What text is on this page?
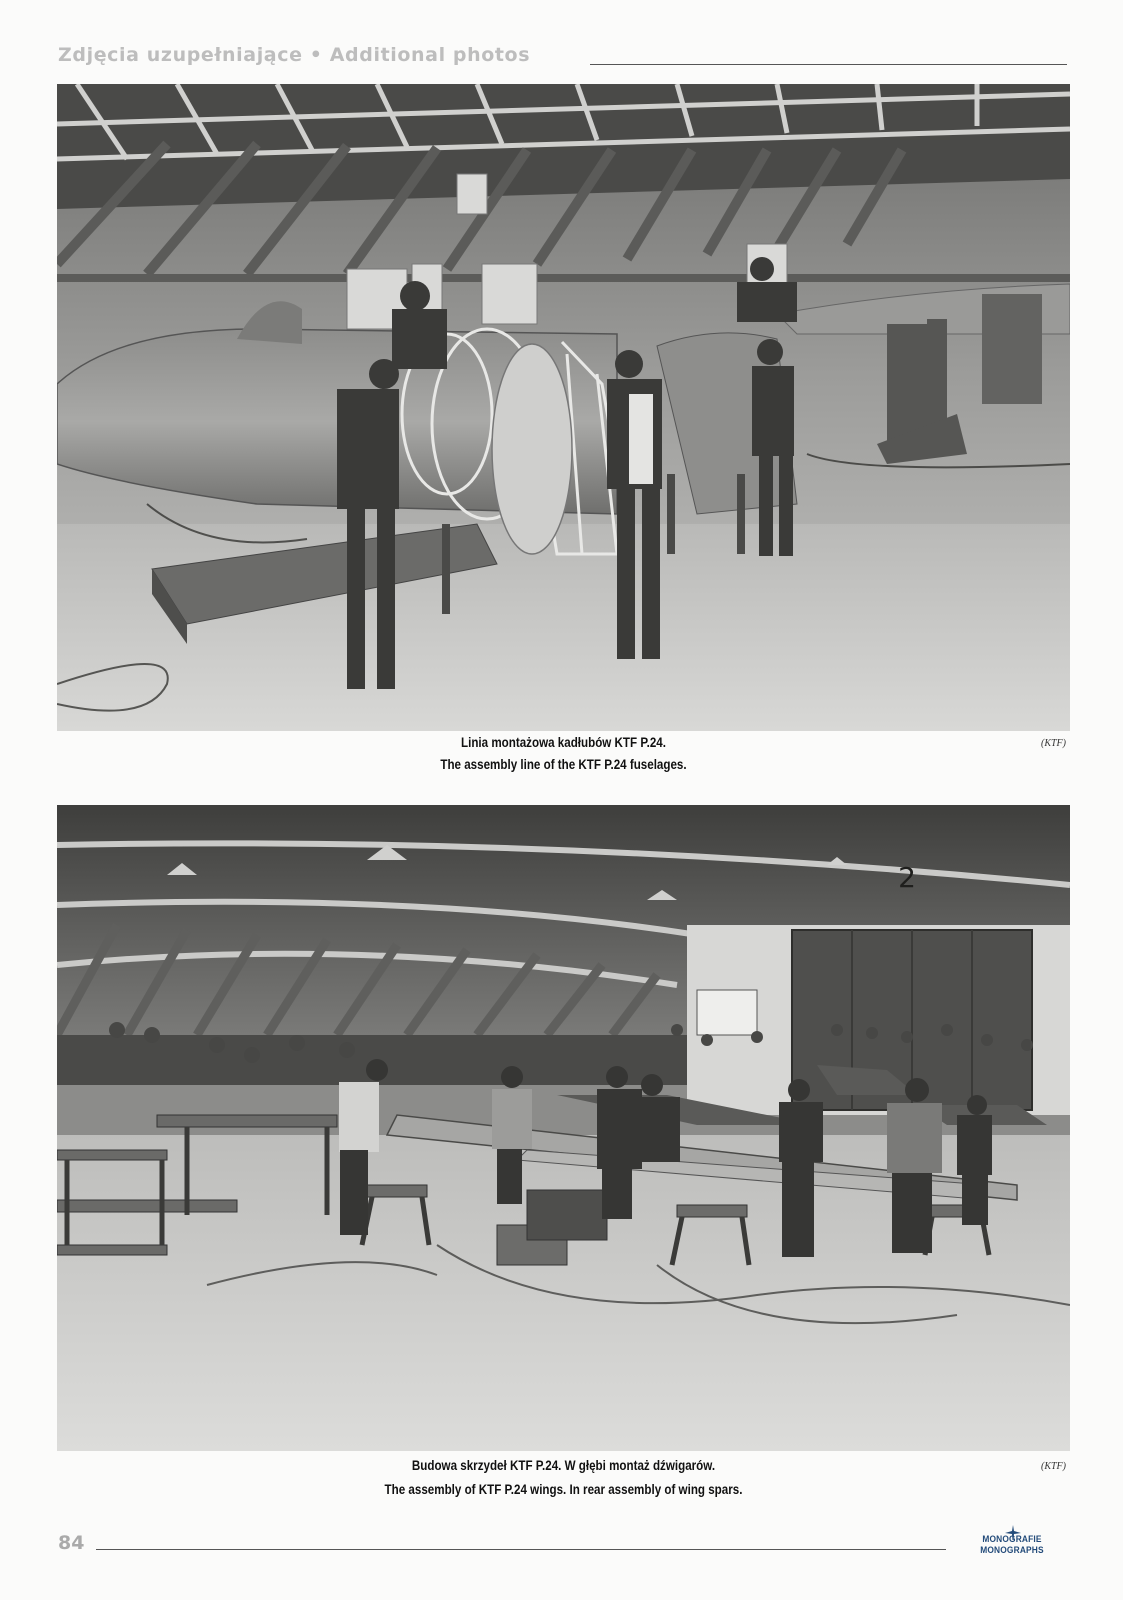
Zdjęcia uzupełniające • Additional photos
Linia montażowa kadłubów KTF P.24.
The assembly line of the KTF P.24 fuselages.
(KTF)
2
Budowa skrzydeł KTF P.24. W głębi montaż dźwigarów.
The assembly of KTF P.24 wings. In rear assembly of wing spars.
(KTF)
84	MONOGRAFIE MONOGRAPHS
